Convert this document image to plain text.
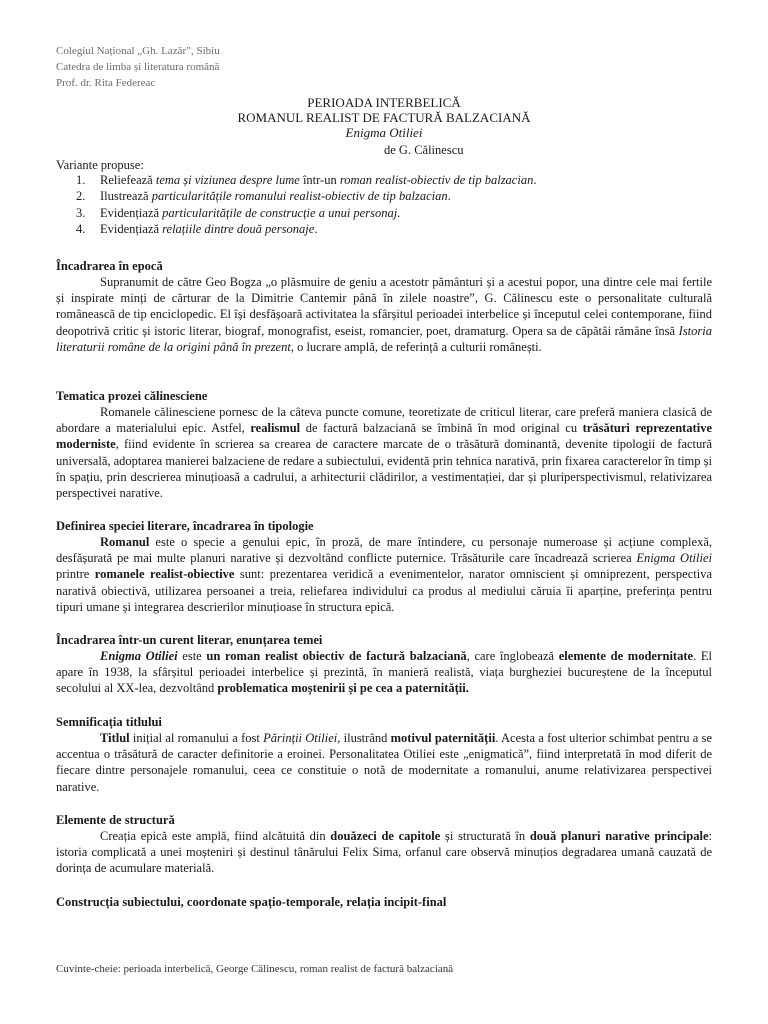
Colegiul Național „Gh. Lazăr”, Sibiu
Catedra de limba și literatura română
Prof. dr. Rita Federeac
PERIOADA INTERBELICĂ
ROMANUL REALIST DE FACTURĂ BALZACIANĂ
Enigma Otiliei
de G. Călinescu
Variante propuse:
1. Reliefează tema și viziunea despre lume într-un roman realist-obiectiv de tip balzacian.
2. Ilustrează particularitățile romanului realist-obiectiv de tip balzacian.
3. Evidențiază particularitățile de construcție a unui personaj.
4. Evidențiază relațiile dintre două personaje.
Încadrarea în epocă
Supranumit de către Geo Bogza „o plăsmuire de geniu a acestotr pământuri și a acestui popor, una dintre cele mai fertile și inspirate minți de cărturar de la Dimitrie Cantemir până în zilele noastre”, G. Călinescu este o personalitate culturală românească de tip enciclopedic. El își desfășoară activitatea la sfârșitul perioadei interbelice și începutul celei contemporane, fiind deopotrivă critic și istoric literar, biograf, monografist, eseist, romancier, poet, dramaturg. Opera sa de căpătâi rămâne însă Istoria literaturii române de la origini până în prezent, o lucrare amplă, de referință a culturii românești.
Tematica prozei călinesciene
Romanele călinesciene pornesc de la câteva puncte comune, teoretizate de criticul literar, care preferă maniera clasică de abordare a materialului epic. Astfel, realismul de factură balzaciană se îmbină în mod original cu trăsături reprezentative moderniste, fiind evidente în scrierea sa crearea de caractere marcate de o trăsătură dominantă, devenite tipologii de factură universală, adoptarea manierei balzaciene de redare a subiectului, evidentă prin tehnica narativă, prin fixarea caracterelor în timp și în spațiu, prin descrierea minuțioasă a cadrului, a arhitecturii clădirilor, a vestimentației, dar și pluriperspectivismul, relativizarea perspectivei narative.
Definirea speciei literare, încadrarea în tipologie
Romanul este o specie a genului epic, în proză, de mare întindere, cu personaje numeroase și acțiune complexă, desfășurată pe mai multe planuri narative și dezvoltând conflicte puternice. Trăsăturile care încadrează scrierea Enigma Otiliei printre romanele realist-obiective sunt: prezentarea veridică a evenimentelor, narator omniscient și omniprezent, perspectiva narativă obiectivă, utilizarea persoanei a treia, reliefarea individului ca produs al mediului căruia îi aparține, preferința pentru tipuri umane și integrarea descrierilor minuțioase în structura epică.
Încadrarea într-un curent literar, enunțarea temei
Enigma Otiliei este un roman realist obiectiv de factură balzaciană, care înglobează elemente de modernitate. El apare în 1938, la sfârșitul perioadei interbelice și prezintă, în manieră realistă, viața burgheziei bucureștene de la începutul secolului al XX-lea, dezvoltând problematica moștenirii și pe cea a paternității.
Semnificația titlului
Titlul inițial al romanului a fost Părinții Otiliei, ilustrând motivul paternității. Acesta a fost ulterior schimbat pentru a se accentua o trăsătură de caracter definitorie a eroinei. Personalitatea Otiliei este „enigmatică”, fiind interpretată în mod diferit de fiecare dintre personajele romanului, ceea ce constituie o notă de modernitate a romanului, anume relativizarea perspectivei narative.
Elemente de structură
Creația epică este amplă, fiind alcătuită din douăzeci de capitole și structurată în două planuri narative principale: istoria complicată a unei moșteniri și destinul tânărului Felix Sima, orfanul care observă minuțios degradarea umană cauzată de dorința de acumulare materială.
Construcția subiectului, coordonate spațio-temporale, relația incipit-final
Cuvinte-cheie: perioada interbelică, George Călinescu, roman realist de factură balzaciană
